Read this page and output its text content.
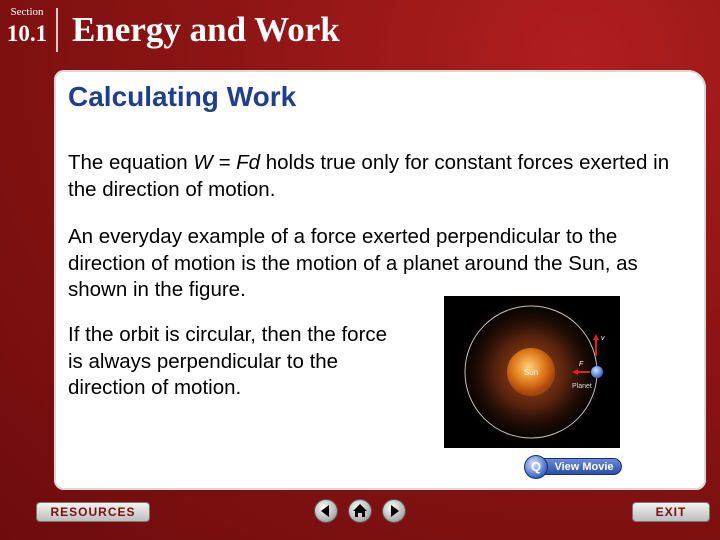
Section
10.1 Energy and Work
Calculating Work
The equation W = Fd holds true only for constant forces exerted in the direction of motion.
An everyday example of a force exerted perpendicular to the direction of motion is the motion of a planet around the Sun, as shown in the figure.
If the orbit is circular, then the force is always perpendicular to the direction of motion.
Sun
v
F
Planet
View Movie
Q
RESOURCES	EXIT
